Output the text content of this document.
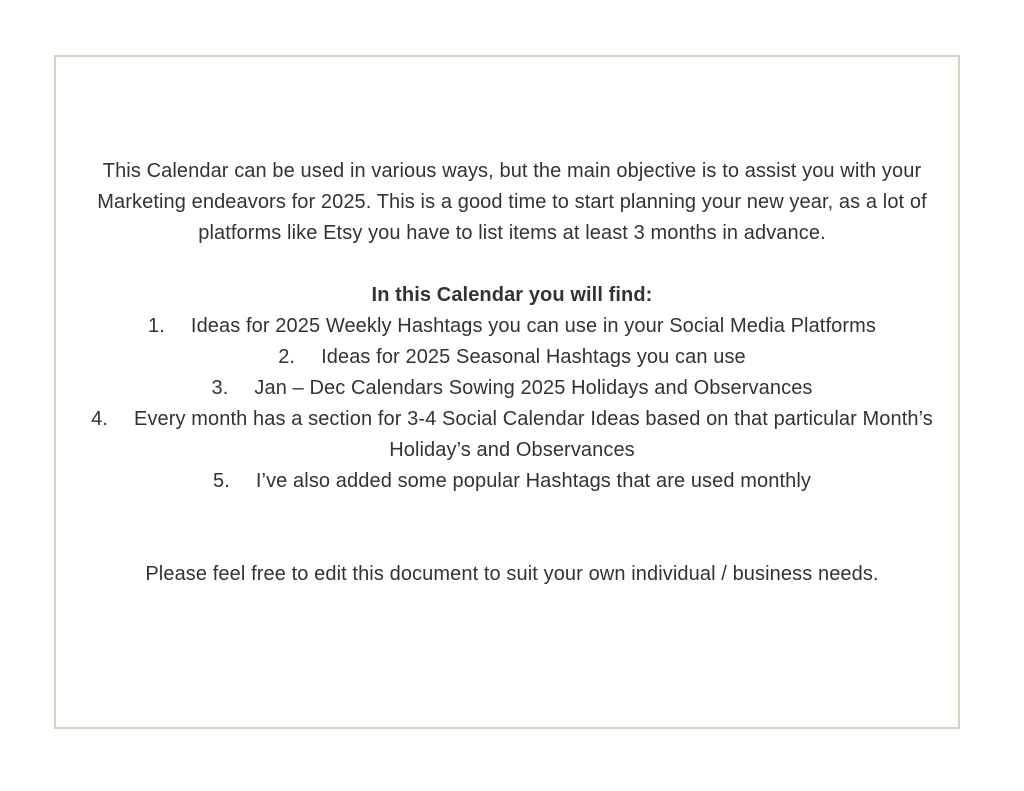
This Calendar can be used in various ways, but the main objective is to assist you with your Marketing endeavors for 2025. This is a good time to start planning your new year, as a lot of platforms like Etsy you have to list items at least 3 months in advance.

In this Calendar you will find:

1. Ideas for 2025 Weekly Hashtags you can use in your Social Media Platforms
2. Ideas for 2025 Seasonal Hashtags you can use
3. Jan – Dec Calendars Sowing 2025 Holidays and Observances
4. Every month has a section for 3-4 Social Calendar Ideas based on that particular Month’s Holiday’s and Observances
5. I’ve also added some popular Hashtags that are used monthly

Please feel free to edit this document to suit your own individual / business needs.
